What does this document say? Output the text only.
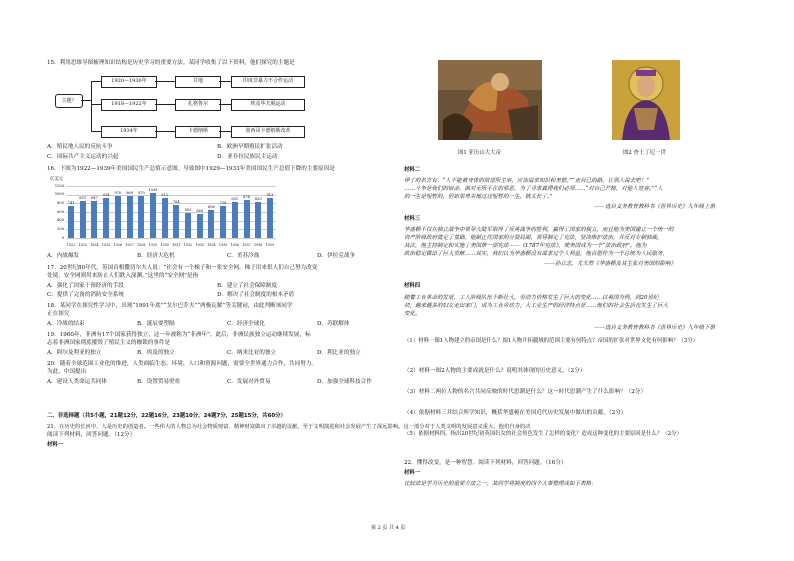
15．利用思维导图梳理知识结构是历史学习的重要方法。某同学收集了以下资料，他们探究的主题是
主题？
1920—1930年
1918—1922年
1934年
甘地
扎格鲁尔
卡德纳斯
印度非暴力不合作运动
埃及华夫脱运动
墨西哥卡德纳斯改革
A．殖民地人民的反抗斗争	B．欧洲早期殖民扩张活动
C．国际共产主义运动的兴起	D．亚非拉民族民主运动
16．下图为1922—1939年美国国民生产总值示意图。导致图中1929—1933年美国国民生产总值下降的主要原因是
亿美元
0
200
400
600
800
1000
1200
741
1922
851
1923
847
1924
934
1925
970
1926
969
1927
979
1928
1039
1929
912
1930
764
1931
583
1932
560
1933
656
1934
728
1935
831
1936
874
1937
820
1938
913
1939
A．内战爆发	B．经济大危机	C．美苏冷战	D．伊拉克战争
17．20世纪80年代，英国首相撒切尔夫人说：“社会有一个梯子和一张安全网，梯子用来供人们自己努力改变
处境，安全网则用来防止人们跌入深渊。”这里的“安全网”是指
A．强化了国家干预经济的手段	B．建立了社会保障制度
C．提供了完备的消防安全系统	D．解决了社会制度的根本矛盾
18．某同学在探究性学习中，出现“1991年底”“戈尔巴乔夫”“两极瓦解”等关键词，由此判断该同学
正在探究
A．冷战的结束	B．诞辰要塑隔	C．经济全球化	D．苏联解体
19．1960年，非洲有17个国家获得独立，这一年被称为“非洲年”。此后，非洲民族独立运动继续发展，标
志着非洲国家彻底摧毁了殖民主义的枷锁的事件是
A．阿尔及利亚的独立	B．埃及的独立	C．纳米比亚的独立	D．利比亚的独立
20．随着全球范围工业化的推进，人类面临生态、环境、人口和资源问题，需要全世界通力合作，共同努力。
为此，中国提出
A．建设人类命运共同体	B．设置贸易壁垒	C．发展对外贸易	D．加强全球科技合作
二、非选择题（共5小题，21题12分，22题16分，23题10分，24题7分，25题15分，共60分）
21．在历史的长河中，人是历史的创造者。一些伟大的人物总为社会物质财富、精神财富做出了卓越的贡献，至于文明演进和社会发展产生了深远影响。这一部分对于人类文明的发展意义重大，他们自身的决
阅读下列材料，回答问题。（12分）
材料一
图1 亚历山大大帝	图2 查士丁尼一世
材料二
伊丁的名言有：“人不能被身体的欲望所主宰，应该追求知识和美德。”“走自己的路，让别人说去吧！”
……斗争是我们的宿命，面对无所不在的邪恶，为了寻求真理我们必须……“对自己严格，对他人宽容。”“人
的一生是短暂的，但如果卑劣地过这短暂的一生，就太长了。”
——选自义务教育教科书《世界历史》九年级上册
材料三
华盛顿不仅在独立战争中领导大陆军取得了反英战争的胜利，赢得了国家的独立，而且他为美国建立一个统一的
资产阶级政府奠定了基础。他制止住国家的分裂局面，领导制定了宪法，坚决维护法治，并反对专制独裁，
其次，他主持制定和实施了美国第一部宪法——《1787年宪法》，使美国成为一个“法治政府”。他为
政治稳定做出了巨大贡献……其实，我们认为华盛顿没有谋求过个人利益，他自愿作为一个总统为人民服务，
——孙立志，尤天然《华盛顿及其主张对美国的影响》
材料四
随着工业革命的发展，工人阶级队伍不断壮大，劳动力价格发生了巨大的变化……以英国为例，到20世纪
初，越来越多的妇女走出家门，成为工业劳动力；大工业生产的经济特点是……他们的社会生活也发生了巨大
变化。
——选自义务教育教科书《世界历史》九年级下册
（1）材料一图1人物建立的帝国是什么？图1人物开拓疆域的范围主要有何特点？帝国的扩张对世界文化有何影响？（3分）
（2）材料一图2人物的主要成就是什么？说明其体现的历史意义。（2分）
（3）材料二两位人物的名言共同反映的时代思潮是什么？这一时代思潮产生了什么影响？（2分）
（4）依据材料三并结合所学知识，概括华盛顿在美国近代历史发展中做出的贡献。（2分）
（5）依据材料四，指出20世纪初英国妇女的社会角色发生了怎样的变化？造成这种变化的主要原因是什么？（2分）
22．懂得改变，是一种智慧。阅读下列材料，回答问题。（16分）
材料一
比较法是学习历史的重要方法之一。某同学将制度的四个大事整理成如下表格：
第 2 页 共 4 页
